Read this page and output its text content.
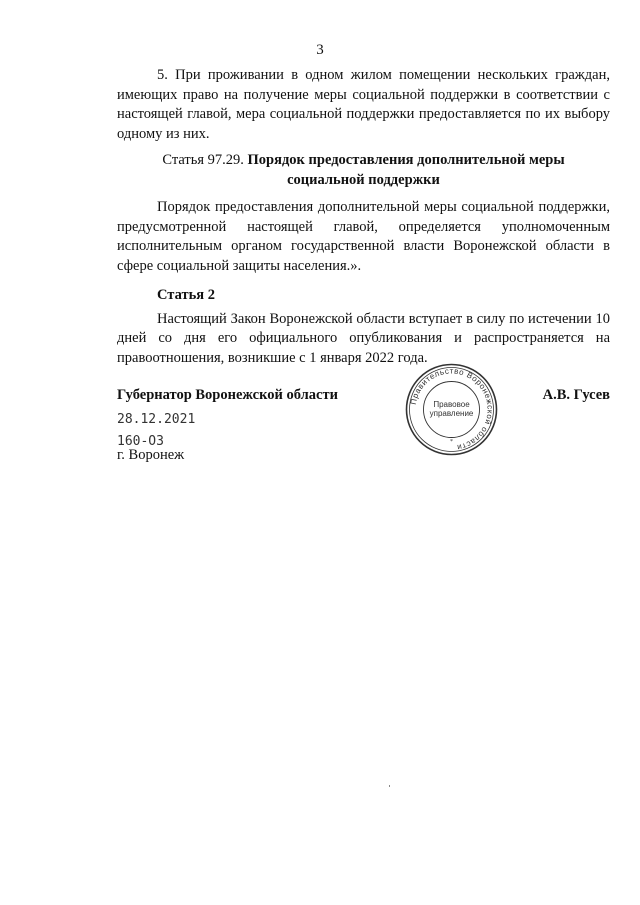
3

5. При проживании в одном жилом помещении нескольких граждан, имеющих право на получение меры социальной поддержки в соответствии с настоящей главой, мера социальной поддержки предоставляется по их выбору одному из них.

Статья 97.29. Порядок предоставления дополнительной меры
социальной поддержки

Порядок предоставления дополнительной меры социальной поддержки, предусмотренной настоящей главой, определяется уполномоченным исполнительным органом государственной власти Воронежской области в сфере социальной защиты населения.».

Статья 2

Настоящий Закон Воронежской области вступает в силу по истечении 10 дней со дня его официального опубликования и распространяется на правоотношения, возникшие с 1 января 2022 года.

Губернатор Воронежской области	А.В. Гусев
28.12.2021
160-ОЗ
г. Воронеж
Правительство Воронежской области
Правовое
управление
*
